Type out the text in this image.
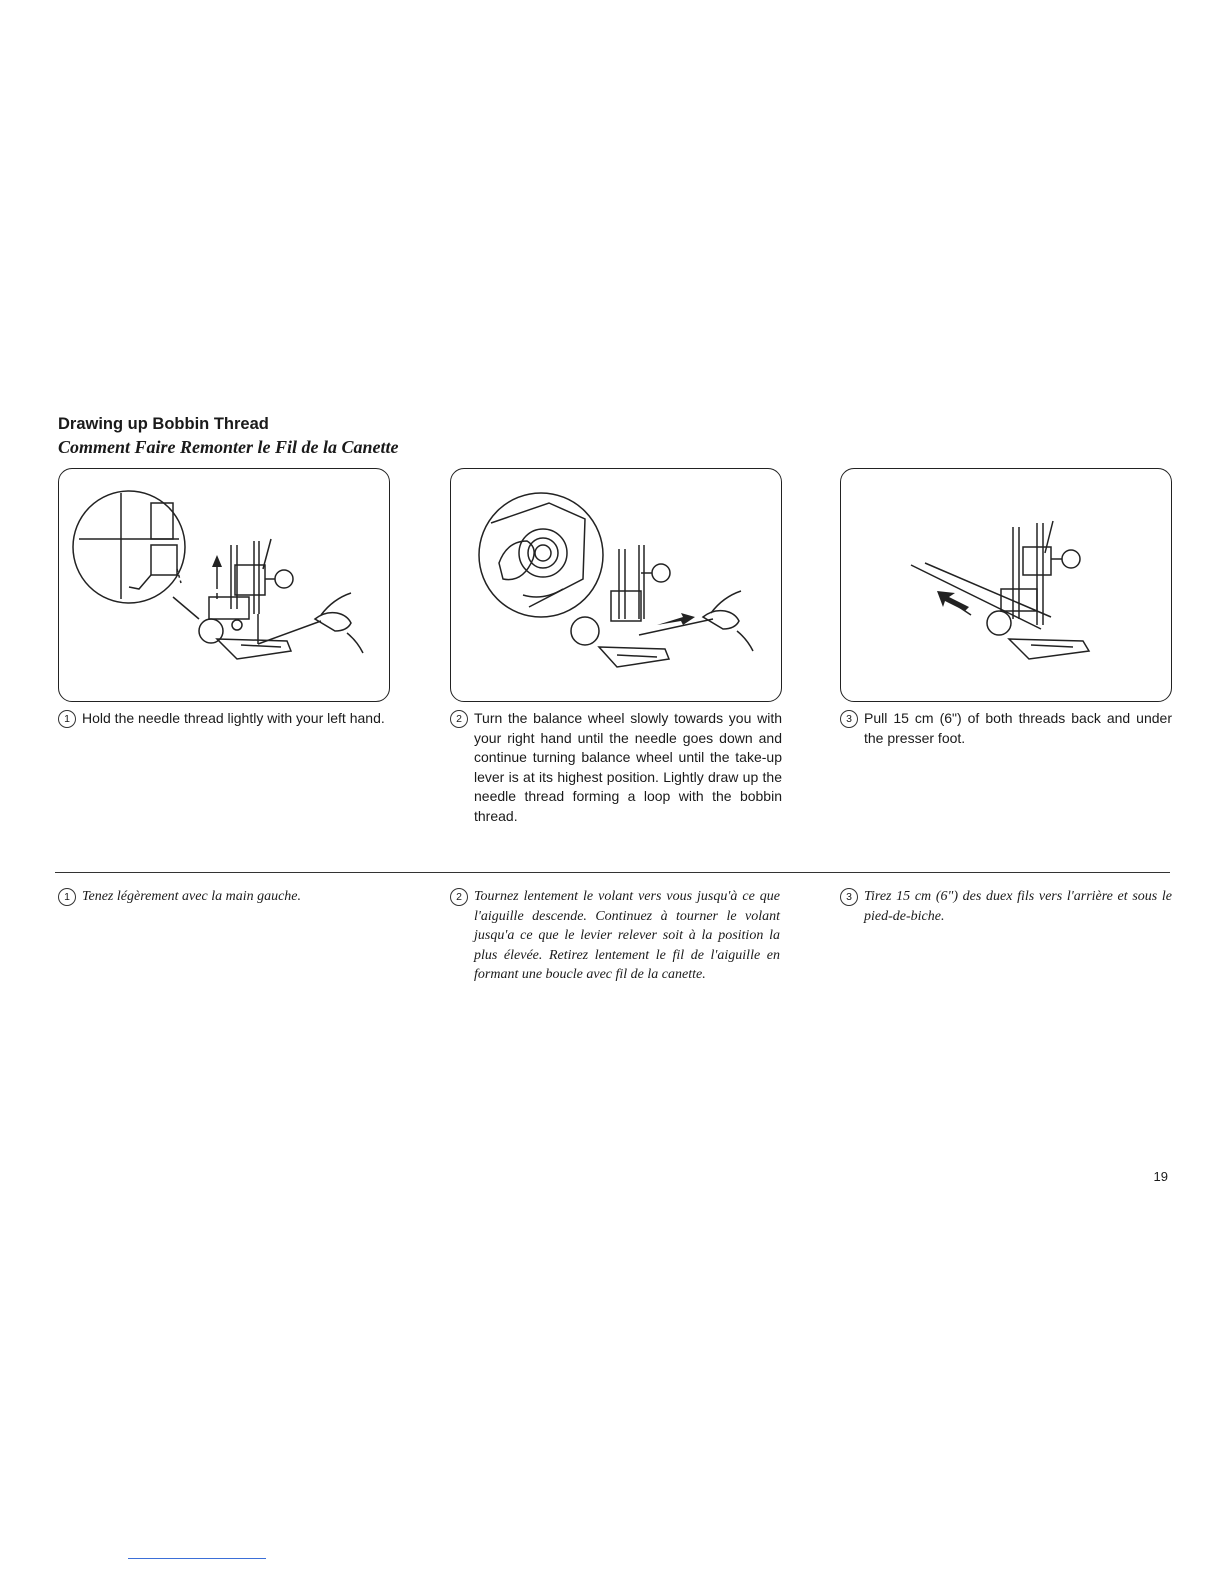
Drawing up Bobbin Thread
Comment Faire Remonter le Fil de la Canette
1 Hold the needle thread lightly with your left hand.	2 Turn the balance wheel slowly towards you with your right hand until the needle goes down and continue turning balance wheel until the take-up lever is at its highest position. Lightly draw up the needle thread forming a loop with the bobbin thread.
3 Pull 15 cm (6") of both threads back and under the presser foot.
1 Tenez légèrement avec la main gauche.	2 Tournez lentement le volant vers vous jusqu'à ce que l'aiguille descende. Continuez à tourner le volant jusqu'a ce que le levier relever soit à la position la plus élevée. Retirez lentement le fil de l'aiguille en formant une boucle avec fil de la canette.
3 Tirez 15 cm (6") des duex fils vers l'arrière et sous le pied-de-biche.

19
